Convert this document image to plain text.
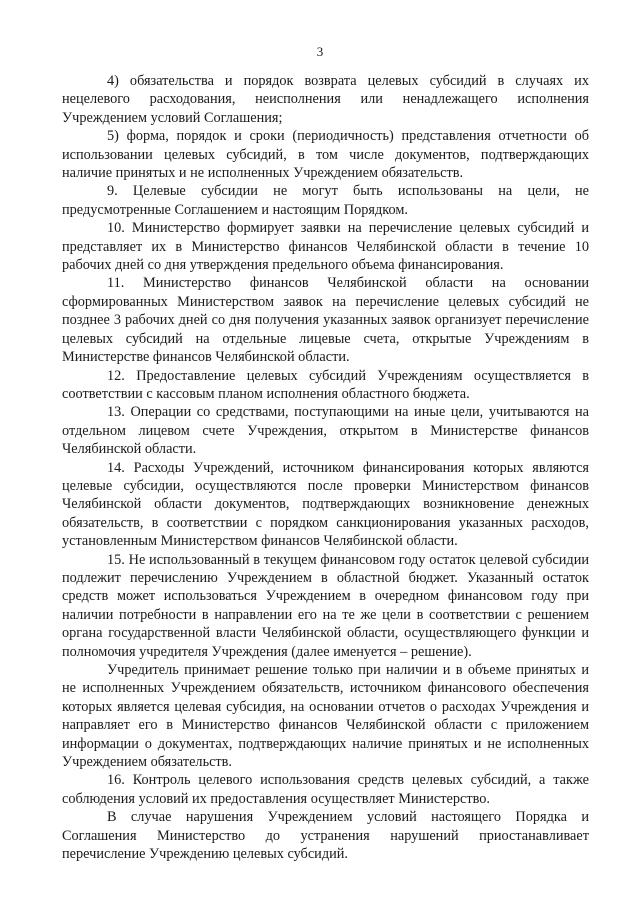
3

4) обязательства и порядок возврата целевых субсидий в случаях их нецелевого расходования, неисполнения или ненадлежащего исполнения Учреждением условий Соглашения;

5) форма, порядок и сроки (периодичность) представления отчетности об использовании целевых субсидий, в том числе документов, подтверждающих наличие принятых и не исполненных Учреждением обязательств.

9. Целевые субсидии не могут быть использованы на цели, не предусмотренные Соглашением и настоящим Порядком.

10. Министерство формирует заявки на перечисление целевых субсидий и представляет их в Министерство финансов Челябинской области в течение 10 рабочих дней со дня утверждения предельного объема финансирования.

11. Министерство финансов Челябинской области на основании сформированных Министерством заявок на перечисление целевых субсидий не позднее 3 рабочих дней со дня получения указанных заявок организует перечисление целевых субсидий на отдельные лицевые счета, открытые Учреждениям в Министерстве финансов Челябинской области.

12. Предоставление целевых субсидий Учреждениям осуществляется в соответствии с кассовым планом исполнения областного бюджета.

13. Операции со средствами, поступающими на иные цели, учитываются на отдельном лицевом счете Учреждения, открытом в Министерстве финансов Челябинской области.

14. Расходы Учреждений, источником финансирования которых являются целевые субсидии, осуществляются после проверки Министерством финансов Челябинской области документов, подтверждающих возникновение денежных обязательств, в соответствии с порядком санкционирования указанных расходов, установленным Министерством финансов Челябинской области.

15. Не использованный в текущем финансовом году остаток целевой субсидии подлежит перечислению Учреждением в областной бюджет. Указанный остаток средств может использоваться Учреждением в очередном финансовом году при наличии потребности в направлении его на те же цели в соответствии с решением органа государственной власти Челябинской области, осуществляющего функции и полномочия учредителя Учреждения (далее именуется – решение).

Учредитель принимает решение только при наличии и в объеме принятых и не исполненных Учреждением обязательств, источником финансового обеспечения которых является целевая субсидия, на основании отчетов о расходах Учреждения и направляет его в Министерство финансов Челябинской области с приложением информации о документах, подтверждающих наличие принятых и не исполненных Учреждением обязательств.

16. Контроль целевого использования средств целевых субсидий, а также соблюдения условий их предоставления осуществляет Министерство.

В случае нарушения Учреждением условий настоящего Порядка и Соглашения Министерство до устранения нарушений приостанавливает перечисление Учреждению целевых субсидий.
